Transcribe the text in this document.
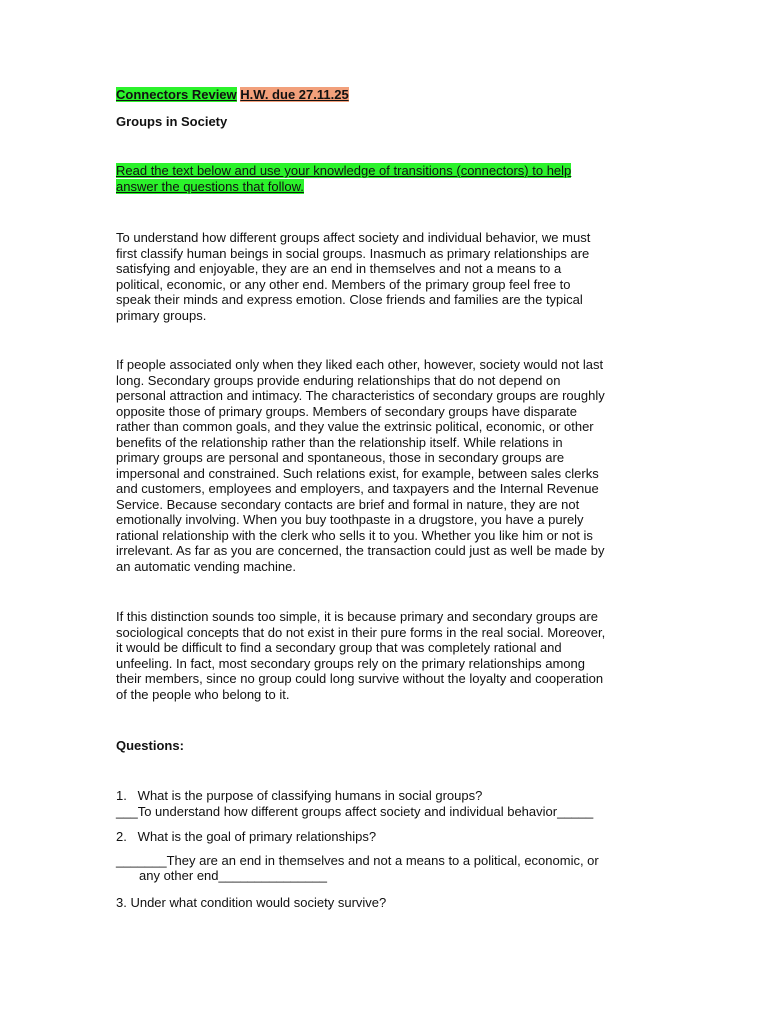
Connectors Review H.W. due 27.11.25
Groups in Society
Read the text below and use your knowledge of transitions (connectors) to help
answer the questions that follow.
To understand how different groups affect society and individual behavior, we must
first classify human beings in social groups. Inasmuch as primary relationships are
satisfying and enjoyable, they are an end in themselves and not a means to a
political, economic, or any other end. Members of the primary group feel free to
speak their minds and express emotion. Close friends and families are the typical
primary groups.
If people associated only when they liked each other, however, society would not last
long. Secondary groups provide enduring relationships that do not depend on
personal attraction and intimacy. The characteristics of secondary groups are roughly
opposite those of primary groups. Members of secondary groups have disparate
rather than common goals, and they value the extrinsic political, economic, or other
benefits of the relationship rather than the relationship itself. While relations in
primary groups are personal and spontaneous, those in secondary groups are
impersonal and constrained. Such relations exist, for example, between sales clerks
and customers, employees and employers, and taxpayers and the Internal Revenue
Service. Because secondary contacts are brief and formal in nature, they are not
emotionally involving. When you buy toothpaste in a drugstore, you have a purely
rational relationship with the clerk who sells it to you. Whether you like him or not is
irrelevant. As far as you are concerned, the transaction could just as well be made by
an automatic vending machine.
If this distinction sounds too simple, it is because primary and secondary groups are
sociological concepts that do not exist in their pure forms in the real social. Moreover,
it would be difficult to find a secondary group that was completely rational and
unfeeling. In fact, most secondary groups rely on the primary relationships among
their members, since no group could long survive without the loyalty and cooperation
of the people who belong to it.
Questions:
1.   What is the purpose of classifying humans in social groups?
___To understand how different groups affect society and individual behavior_____
2.   What is the goal of primary relationships?
_______They are an end in themselves and not a means to a political, economic, or
any other end_______________
3. Under what condition would society survive?
